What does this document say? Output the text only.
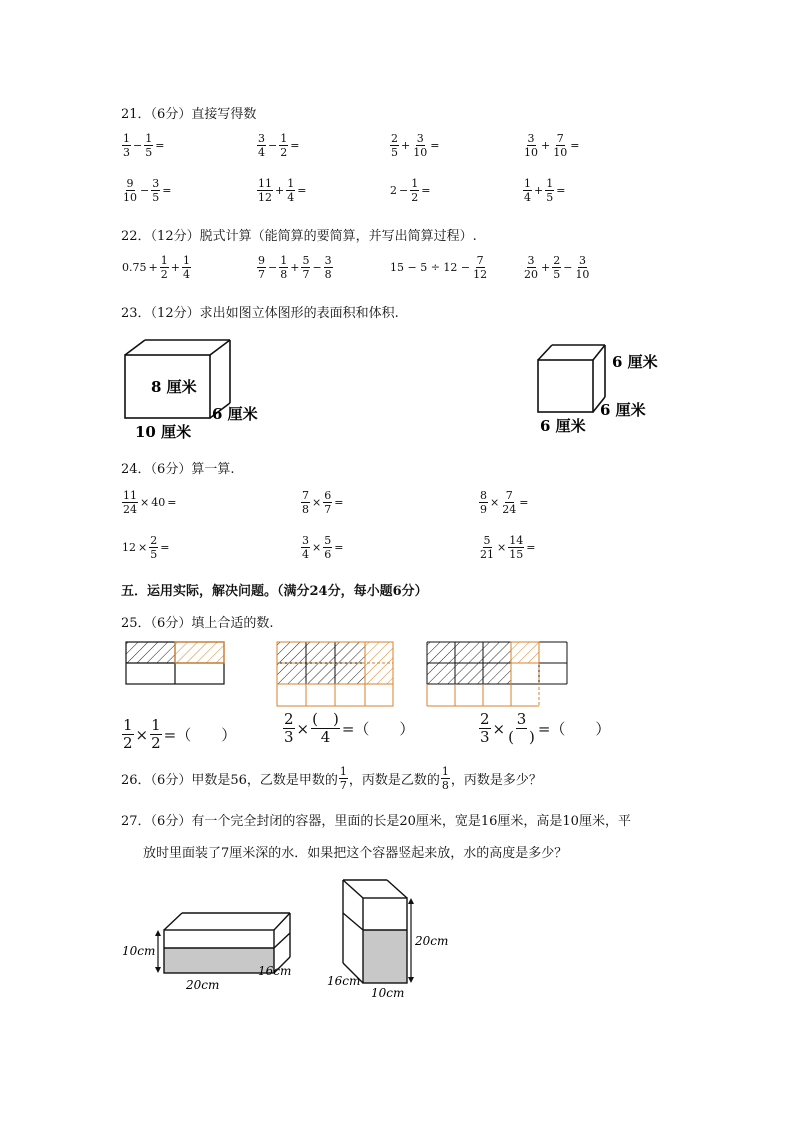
21．（6分）直接写得数
$\frac{1}{3} - \frac{1}{5}$ =	$\frac{3}{4} - \frac{1}{2}$ =	$\frac{2}{5} + \frac{3}{10}$ =	$\frac{3}{10} + \frac{7}{10}$ =
$\frac{9}{10} - \frac{3}{5}$ =	$\frac{11}{12} + \frac{1}{4}$ =	$2 - \frac{1}{2}$ =	$\frac{1}{4} + \frac{1}{5}$ =
22．（12分）脱式计算（能简算的要简算，并写出简算过程）.
$0.75 + \frac{1}{2} + \frac{1}{4}$	$\frac{9}{7} - \frac{1}{8} + \frac{5}{7} - \frac{3}{8}$	$15 - 5 \div 12 - \frac{7}{12}$	$\frac{3}{20} + \frac{2}{5} - \frac{3}{10}$
23．（12分）求出如图立体图形的表面积和体积.
8 厘米
6 厘米
10 厘米
6 厘米
6 厘米
6 厘米
24．（6分）算一算.
$\frac{11}{24} \times 40$ =	$\frac{7}{8} \times \frac{6}{7}$ =	$\frac{8}{9} \times \frac{7}{24}$ =
$12 \times \frac{2}{5}$ =	$\frac{3}{4} \times \frac{5}{6}$ =	$\frac{5}{21} \times \frac{14}{15}$ =
五．运用实际，解决问题。（满分24分，每小题6分）
25．（6分）填上合适的数.
$\frac{1}{2} \times \frac{1}{2}$ =（　　）	$\frac{2}{3} \times \frac{( )}{4}$ =（　　）	$\frac{2}{3} \times \frac{3}{( )}$ =（　　）
26．（6分）甲数是56，乙数是甲数的 $\frac{1}{7}$ ，丙数是乙数的 $\frac{1}{8}$ ，丙数是多少？
27．（6分）有一个完全封闭的容器，里面的长是20厘米，宽是16厘米，高是10厘米，平
放时里面装了7厘米深的水．如果把这个容器竖起来放，水的高度是多少？
10cm
20cm
16cm
20cm
16cm
10cm
